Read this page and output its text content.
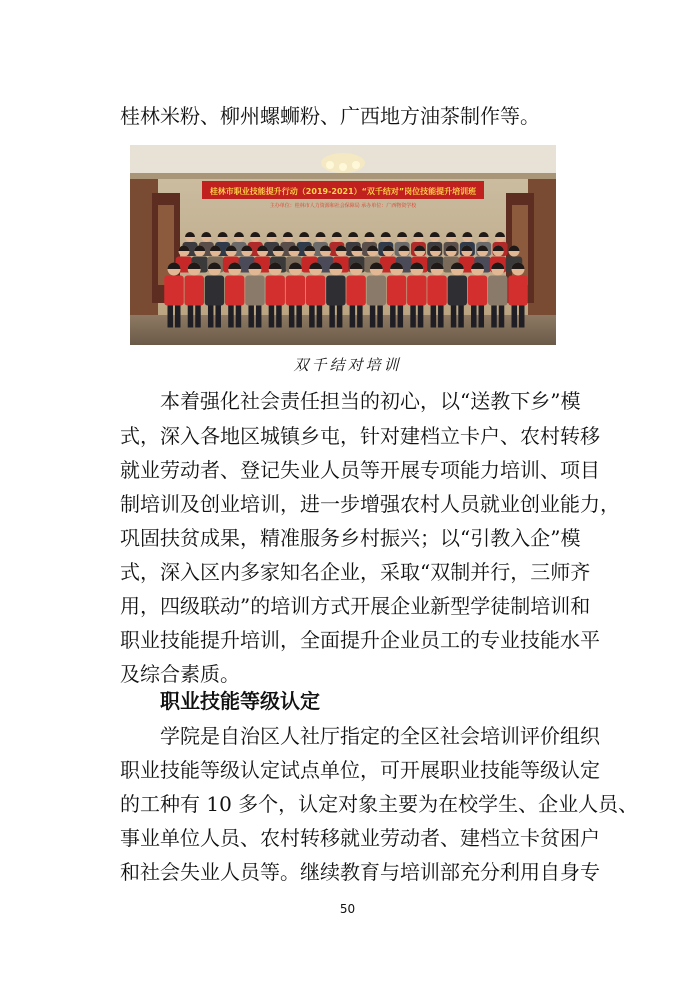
桂林米粉、柳州螺蛳粉、广西地方油茶制作等。
桂林市职业技能提升行动（2019-2021）“双千结对”岗位技能提升培训班
主办单位：桂林市人力资源和社会保障局 承办单位：广西物资学校
双千结对培训
本着强化社会责任担当的初心，以“送教下乡”模
式，深入各地区城镇乡屯，针对建档立卡户、农村转移
就业劳动者、登记失业人员等开展专项能力培训、项目
制培训及创业培训，进一步增强农村人员就业创业能力，
巩固扶贫成果，精准服务乡村振兴；以“引教入企”模
式，深入区内多家知名企业，采取“双制并行，三师齐
用，四级联动”的培训方式开展企业新型学徒制培训和
职业技能提升培训，全面提升企业员工的专业技能水平
及综合素质。
职业技能等级认定
学院是自治区人社厅指定的全区社会培训评价组织
职业技能等级认定试点单位，可开展职业技能等级认定
的工种有 10 多个，认定对象主要为在校学生、企业人员、
事业单位人员、农村转移就业劳动者、建档立卡贫困户
和社会失业人员等。继续教育与培训部充分利用自身专
50
